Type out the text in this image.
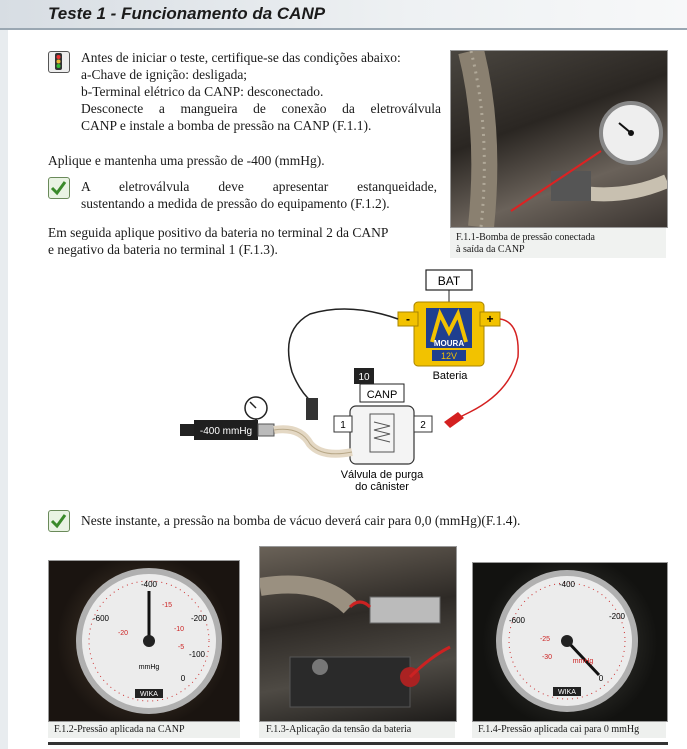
Teste 1 - Funcionamento da CANP
Antes de iniciar o teste, certifique-se das condições abaixo:
a-Chave de ignição: desligada;
b-Terminal elétrico da CANP: desconectado.
Desconecte a mangueira de conexão da eletroválvula
CANP e instale a bomba de pressão na CANP (F.1.1).
Aplique e mantenha uma pressão de -400 (mmHg).
A eletroválvula deve apresentar estanqueidade,
sustentando a medida de pressão do equipamento (F.1.2).
Em seguida aplique positivo da bateria no terminal 2 da CANP
e negativo da bateria no terminal 1 (F.1.3).
F.1.1-Bomba de pressão conectada
à saída da CANP
BAT
-	+
MOURA
12V
Bateria
10
CANP
1	2
-400 mmHg
Válvula de purga
do cânister
Neste instante, a pressão na bomba de vácuo deverá cair para 0,0 (mmHg)(F.1.4).
-400
-600	-200
-100
0
-15
-20
-10
-5
mmHg
WIKA
F.1.2-Pressão aplicada na CANP	F.1.3-Aplicação da tensão da bateria
-400
-200
-600
0
-25
-30
mmHg
WIKA
F.1.4-Pressão aplicada cai para 0 mmHg
